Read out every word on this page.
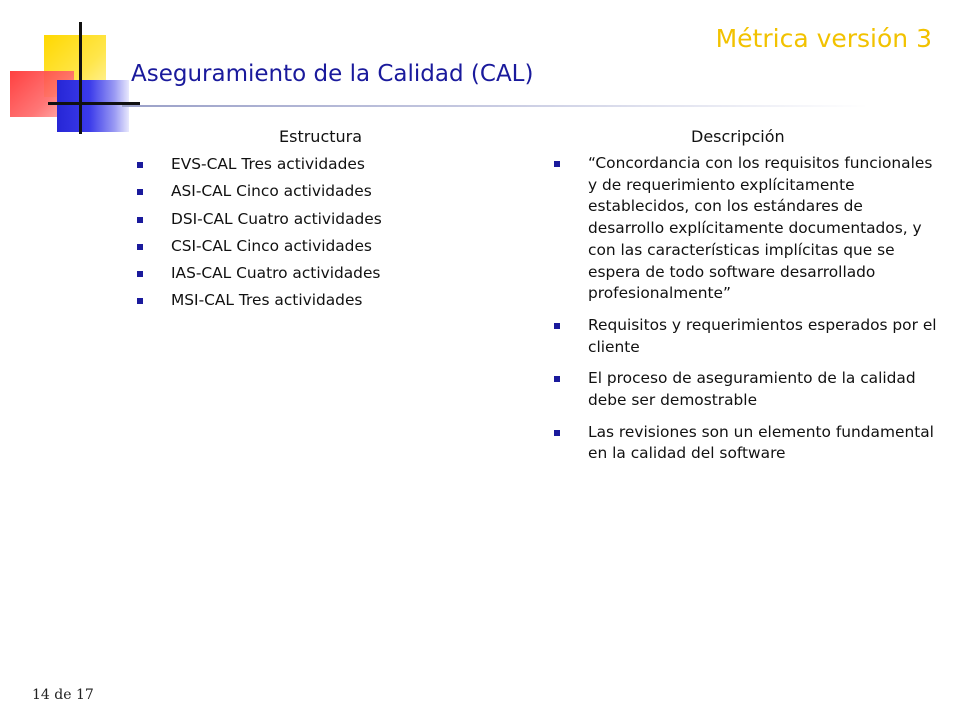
Métrica versión 3
Aseguramiento de la Calidad (CAL)
Estructura	Descripción
EVS-CAL Tres actividades
ASI-CAL Cinco actividades
DSI-CAL Cuatro actividades
CSI-CAL Cinco actividades
IAS-CAL Cuatro actividades
MSI-CAL Tres actividades
“Concordancia con los requisitos funcionales y de requerimiento explícitamente establecidos, con los estándares de desarrollo explícitamente documentados, y con las características implícitas que se espera de todo software desarrollado profesionalmente”
Requisitos y requerimientos esperados por el cliente
El proceso de aseguramiento de la calidad debe ser demostrable
Las revisiones son un elemento fundamental en la calidad del software
14 de 17
